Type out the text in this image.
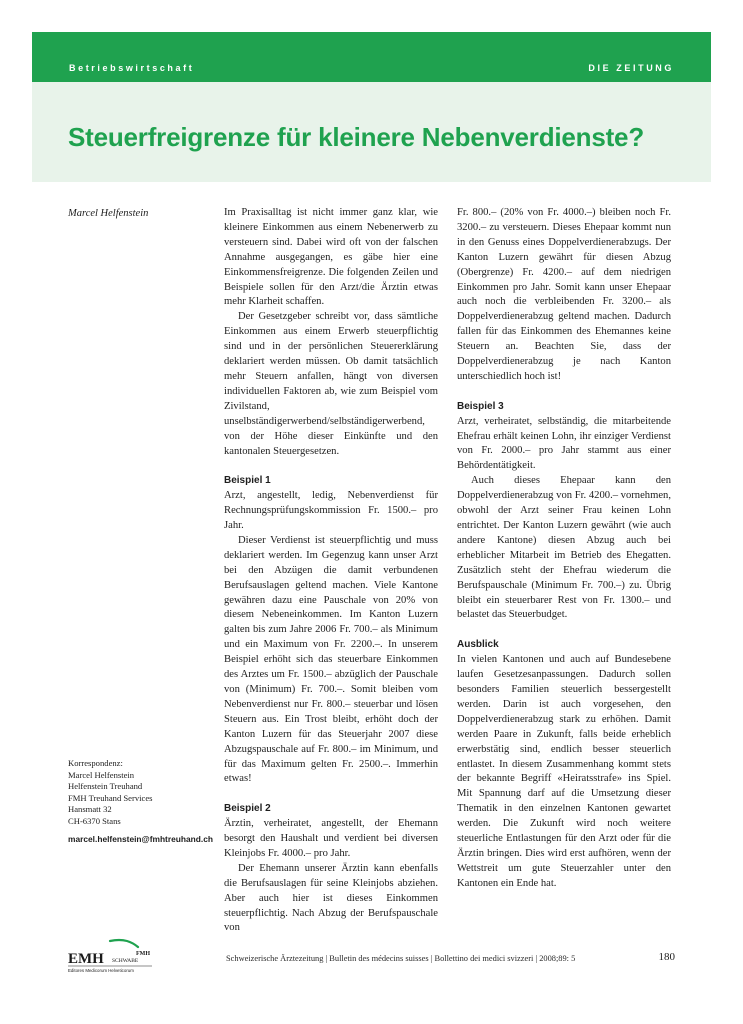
Betriebswirtschaft	DIE ZEITUNG
Steuerfreigrenze für kleinere Nebenverdienste?
Marcel Helfenstein	Im Praxisalltag ist nicht immer ganz klar, wie kleinere Einkommen aus einem Nebenerwerb zu versteuern sind. Dabei wird oft von der falschen Annahme ausgegangen, es gäbe hier eine Einkommensfreigrenze. Die folgenden Zeilen und Beispiele sollen für den Arzt/die Ärztin etwas mehr Klarheit schaffen.

Der Gesetzgeber schreibt vor, dass sämtliche Einkommen aus einem Erwerb steuerpflichtig sind und in der persönlichen Steuererklärung deklariert werden müssen. Ob damit tatsächlich mehr Steuern anfallen, hängt von diversen individuellen Faktoren ab, wie zum Beispiel vom Zivilstand, unselbständigerwerbend/selbständigerwerbend, von der Höhe dieser Einkünfte und den kantonalen Steuergesetzen.

Beispiel 1

Arzt, angestellt, ledig, Nebenverdienst für Rechnungsprüfungskommission Fr. 1500.– pro Jahr.

Dieser Verdienst ist steuerpflichtig und muss deklariert werden. Im Gegenzug kann unser Arzt bei den Abzügen die damit verbundenen Berufsauslagen geltend machen. Viele Kantone gewähren dazu eine Pauschale von 20% von diesem Nebeneinkommen. Im Kanton Luzern galten bis zum Jahre 2006 Fr. 700.– als Minimum und ein Maximum von Fr. 2200.–. In unserem Beispiel erhöht sich das steuerbare Einkommen des Arztes um Fr. 1500.– abzüglich der Pauschale von (Minimum) Fr. 700.–. Somit bleiben vom Nebenverdienst nur Fr. 800.– steuerbar und lösen Steuern aus. Ein Trost bleibt, erhöht doch der Kanton Luzern für das Steuerjahr 2007 diese Abzugspauschale auf Fr. 800.– im Minimum, und für das Maximum gelten Fr. 2500.–. Immerhin etwas!

Beispiel 2

Ärztin, verheiratet, angestellt, der Ehemann besorgt den Haushalt und verdient bei diversen Kleinjobs Fr. 4000.– pro Jahr.

Der Ehemann unserer Ärztin kann ebenfalls die Berufsauslagen für seine Kleinjobs abziehen. Aber auch hier ist dieses Einkommen steuerpflichtig. Nach Abzug der Berufspauschale von

Fr. 800.– (20% von Fr. 4000.–) bleiben noch Fr. 3200.– zu versteuern. Dieses Ehepaar kommt nun in den Genuss eines Doppelverdienerabzugs. Der Kanton Luzern gewährt für diesen Abzug (Obergrenze) Fr. 4200.– auf dem niedrigen Einkommen pro Jahr. Somit kann unser Ehepaar auch noch die verbleibenden Fr. 3200.– als Doppelverdienerabzug geltend machen. Dadurch fallen für das Einkommen des Ehemannes keine Steuern an. Beachten Sie, dass der Doppelverdienerabzug je nach Kanton unterschiedlich hoch ist!

Beispiel 3

Arzt, verheiratet, selbständig, die mitarbeitende Ehefrau erhält keinen Lohn, ihr einziger Verdienst von Fr. 2000.– pro Jahr stammt aus einer Behördentätigkeit.

Auch dieses Ehepaar kann den Doppelverdienerabzug von Fr. 4200.– vornehmen, obwohl der Arzt seiner Frau keinen Lohn entrichtet. Der Kanton Luzern gewährt (wie auch andere Kantone) diesen Abzug auch bei erheblicher Mitarbeit im Betrieb des Ehegatten. Zusätzlich steht der Ehefrau wiederum die Berufspauschale (Minimum Fr. 700.–) zu. Übrig bleibt ein steuerbarer Rest von Fr. 1300.– und belastet das Steuerbudget.

Ausblick

In vielen Kantonen und auch auf Bundesebene laufen Gesetzesanpassungen. Dadurch sollen besonders Familien steuerlich bessergestellt werden. Darin ist auch vorgesehen, den Doppelverdienerabzug stark zu erhöhen. Damit werden Paare in Zukunft, falls beide erheblich erwerbstätig sind, endlich besser steuerlich entlastet. In diesem Zusammenhang kommt stets der bekannte Begriff «Heiratsstrafe» ins Spiel. Mit Spannung darf auf die Umsetzung dieser Thematik in den einzelnen Kantonen gewartet werden. Die Zukunft wird noch weitere steuerliche Entlastungen für den Arzt oder für die Ärztin bringen. Dies wird erst aufhören, wenn der Wettstreit um gute Steuerzahler unter den Kantonen ein Ende hat.

Korrespondenz:
Marcel Helfenstein
Helfenstein Treuhand
FMH Treuhand Services
Hansmatt 32
CH-6370 Stans
marcel.helfenstein@fmhtreuhand.ch
EMH	FMH
SCHWABE
Editores Medicorum Helveticorum
Schweizerische Ärztezeitung | Bulletin des médecins suisses | Bollettino dei medici svizzeri | 2008;89: 5	180
